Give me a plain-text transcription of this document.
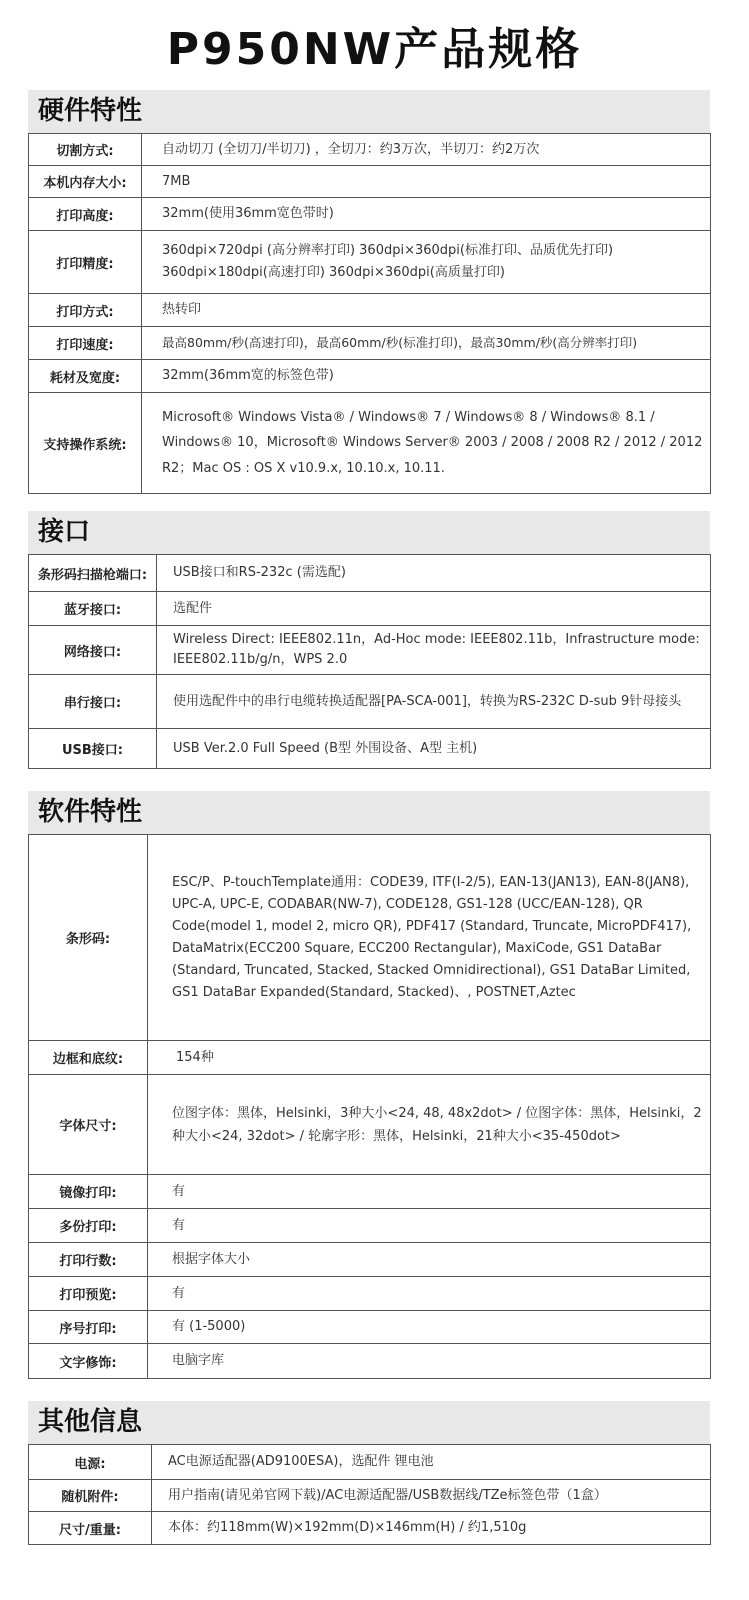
P950NW产品规格
硬件特性
切割方式:	自动切刀 (全切刀/半切刀) ，全切刀：约3万次，半切刀：约2万次
本机内存大小:	7MB
打印高度:	32mm(使用36mm宽色带时)
打印精度:	360dpi×720dpi (高分辨率打印) 360dpi×360dpi(标准打印、品质优先打印) 360dpi×180dpi(高速打印) 360dpi×360dpi(高质量打印)
打印方式:	热转印
打印速度:	最高80mm/秒(高速打印)，最高60mm/秒(标准打印)，最高30mm/秒(高分辨率打印)
耗材及宽度:	32mm(36mm宽的标签色带)
支持操作系统:	Microsoft® Windows Vista® / Windows® 7 / Windows® 8 / Windows® 8.1 / Windows® 10，Microsoft® Windows Server® 2003 / 2008 / 2008 R2 / 2012 / 2012 R2；Mac OS : OS X v10.9.x, 10.10.x, 10.11.
接口
条形码扫描枪端口:	USB接口和RS-232c (需选配)
蓝牙接口:	选配件
网络接口:	Wireless Direct: IEEE802.11n，Ad-Hoc mode: IEEE802.11b，Infrastructure mode: IEEE802.11b/g/n，WPS 2.0
串行接口:	使用选配件中的串行电缆转换适配器[PA-SCA-001]，转换为RS-232C D-sub 9针母接头
USB接口:	USB Ver.2.0 Full Speed (B型 外围设备、A型 主机)
软件特性
条形码:	ESC/P、P-touchTemplate通用：CODE39, ITF(I-2/5), EAN-13(JAN13), EAN-8(JAN8), UPC-A, UPC-E, CODABAR(NW-7), CODE128, GS1-128 (UCC/EAN-128), QR Code(model 1, model 2, micro QR), PDF417 (Standard, Truncate, MicroPDF417), DataMatrix(ECC200 Square, ECC200 Rectangular), MaxiCode, GS1 DataBar (Standard, Truncated, Stacked, Stacked Omnidirectional), GS1 DataBar Limited, GS1 DataBar Expanded(Standard, Stacked)、, POSTNET,Aztec
边框和底纹:	154种
字体尺寸:	位图字体：黑体，Helsinki，3种大小<24, 48, 48x2dot> / 位图字体：黑体，Helsinki，2种大小<24, 32dot> / 轮廓字形：黑体，Helsinki，21种大小<35-450dot>
镜像打印:	有
多份打印:	有
打印行数:	根据字体大小
打印预览:	有
序号打印:	有 (1-5000)
文字修饰:	电脑字库
其他信息
电源:	AC电源适配器(AD9100ESA)，选配件 锂电池
随机附件:	用户指南(请见弟官网下载)/AC电源适配器/USB数据线/TZe标签色带（1盒）
尺寸/重量:	本体：约118mm(W)×192mm(D)×146mm(H) / 约1,510g
